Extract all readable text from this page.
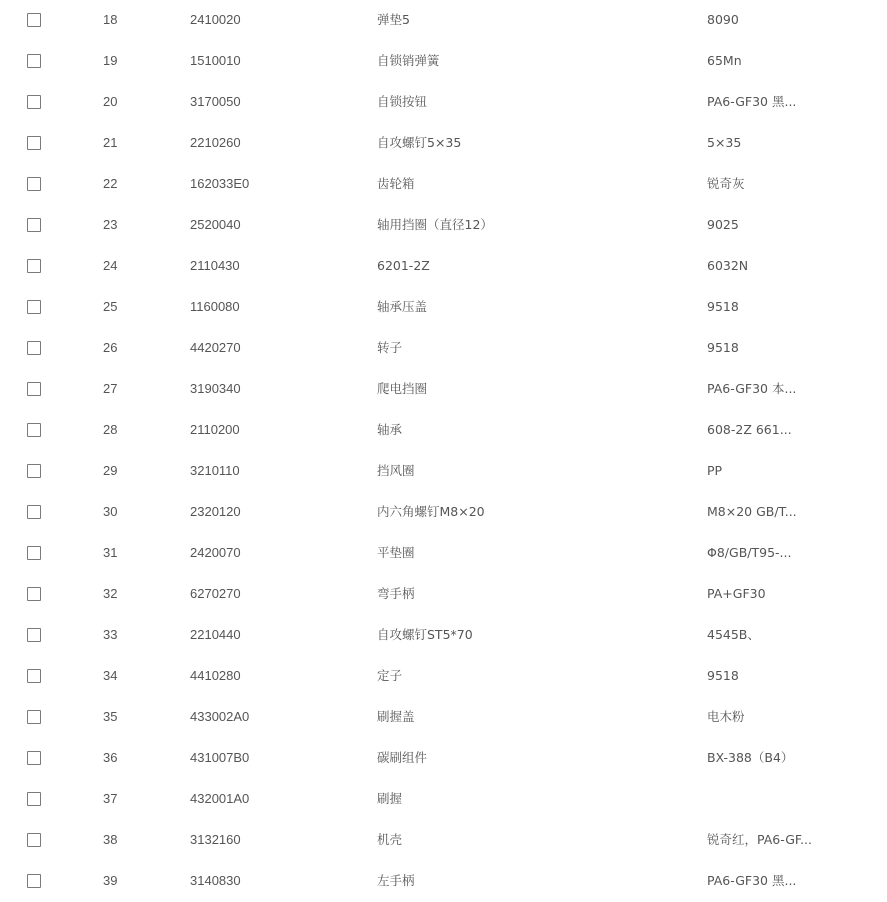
18	2410020	弹垫5	8090
19	1510010	自锁销弹簧	65Mn
20	3170050	自锁按钮	PA6-GF30 黑...
21	2210260	自攻螺钉5×35	5×35
22	162033E0	齿轮箱	锐奇灰
23	2520040	轴用挡圈（直径12）	9025
24	2110430	6201-2Z	6032N
25	1160080	轴承压盖	9518
26	4420270	转子	9518
27	3190340	爬电挡圈	PA6-GF30 本...
28	2110200	轴承	608-2Z 661...
29	3210110	挡风圈	PP
30	2320120	内六角螺钉M8×20	M8×20 GB/T...
31	2420070	平垫圈	Φ8/GB/T95-...
32	6270270	弯手柄	PA+GF30
33	2210440	自攻螺钉ST5*70	4545B、
34	4410280	定子	9518
35	433002A0	刷握盖	电木粉
36	431007B0	碳刷组件	BX-388（B4）
37	432001A0	刷握
38	3132160	机壳	锐奇红，PA6-GF...
39	3140830	左手柄	PA6-GF30 黑...
